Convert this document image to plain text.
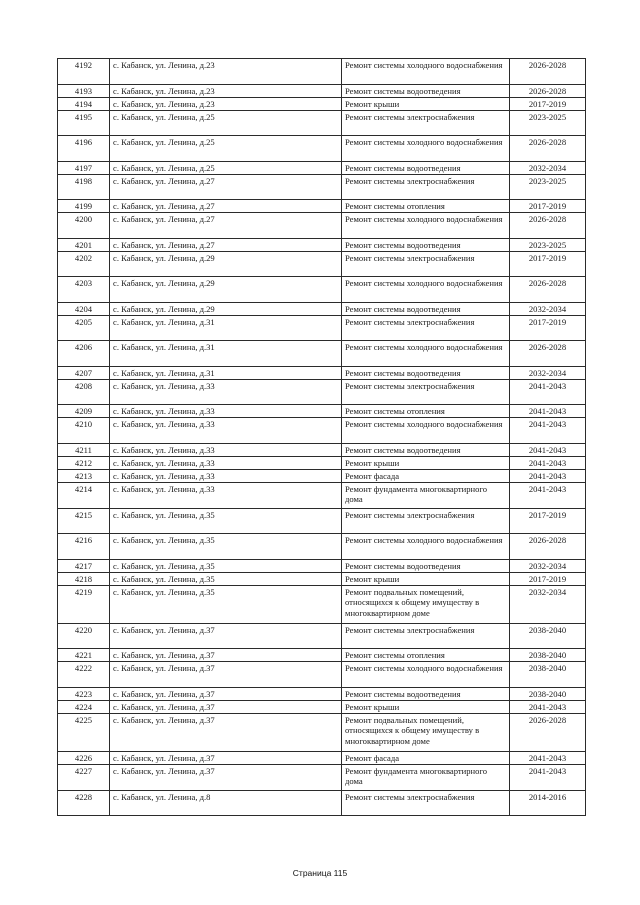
4192	с. Кабанск, ул. Ленина, д.23	Ремонт системы холодного водоснабжения	2026-2028
4193	с. Кабанск, ул. Ленина, д.23	Ремонт системы водоотведения	2026-2028
4194	с. Кабанск, ул. Ленина, д.23	Ремонт крыши	2017-2019
4195	с. Кабанск, ул. Ленина, д.25	Ремонт системы электроснабжения	2023-2025
4196	с. Кабанск, ул. Ленина, д.25	Ремонт системы холодного водоснабжения	2026-2028
4197	с. Кабанск, ул. Ленина, д.25	Ремонт системы водоотведения	2032-2034
4198	с. Кабанск, ул. Ленина, д.27	Ремонт системы электроснабжения	2023-2025
4199	с. Кабанск, ул. Ленина, д.27	Ремонт системы отопления	2017-2019
4200	с. Кабанск, ул. Ленина, д.27	Ремонт системы холодного водоснабжения	2026-2028
4201	с. Кабанск, ул. Ленина, д.27	Ремонт системы водоотведения	2023-2025
4202	с. Кабанск, ул. Ленина, д.29	Ремонт системы электроснабжения	2017-2019
4203	с. Кабанск, ул. Ленина, д.29	Ремонт системы холодного водоснабжения	2026-2028
4204	с. Кабанск, ул. Ленина, д.29	Ремонт системы водоотведения	2032-2034
4205	с. Кабанск, ул. Ленина, д.31	Ремонт системы электроснабжения	2017-2019
4206	с. Кабанск, ул. Ленина, д.31	Ремонт системы холодного водоснабжения	2026-2028
4207	с. Кабанск, ул. Ленина, д.31	Ремонт системы водоотведения	2032-2034
4208	с. Кабанск, ул. Ленина, д.33	Ремонт системы электроснабжения	2041-2043
4209	с. Кабанск, ул. Ленина, д.33	Ремонт системы отопления	2041-2043
4210	с. Кабанск, ул. Ленина, д.33	Ремонт системы холодного водоснабжения	2041-2043
4211	с. Кабанск, ул. Ленина, д.33	Ремонт системы водоотведения	2041-2043
4212	с. Кабанск, ул. Ленина, д.33	Ремонт крыши	2041-2043
4213	с. Кабанск, ул. Ленина, д.33	Ремонт фасада	2041-2043
4214	с. Кабанск, ул. Ленина, д.33	Ремонт фундамента многоквартирного дома	2041-2043
4215	с. Кабанск, ул. Ленина, д.35	Ремонт системы электроснабжения	2017-2019
4216	с. Кабанск, ул. Ленина, д.35	Ремонт системы холодного водоснабжения	2026-2028
4217	с. Кабанск, ул. Ленина, д.35	Ремонт системы водоотведения	2032-2034
4218	с. Кабанск, ул. Ленина, д.35	Ремонт крыши	2017-2019
4219	с. Кабанск, ул. Ленина, д.35	Ремонт подвальных помещений, относящихся к общему имуществу в многоквартирном доме	2032-2034
4220	с. Кабанск, ул. Ленина, д.37	Ремонт системы электроснабжения	2038-2040
4221	с. Кабанск, ул. Ленина, д.37	Ремонт системы отопления	2038-2040
4222	с. Кабанск, ул. Ленина, д.37	Ремонт системы холодного водоснабжения	2038-2040
4223	с. Кабанск, ул. Ленина, д.37	Ремонт системы водоотведения	2038-2040
4224	с. Кабанск, ул. Ленина, д.37	Ремонт крыши	2041-2043
4225	с. Кабанск, ул. Ленина, д.37	Ремонт подвальных помещений, относящихся к общему имуществу в многоквартирном доме	2026-2028
4226	с. Кабанск, ул. Ленина, д.37	Ремонт фасада	2041-2043
4227	с. Кабанск, ул. Ленина, д.37	Ремонт фундамента многоквартирного дома	2041-2043
4228	с. Кабанск, ул. Ленина, д.8	Ремонт системы электроснабжения	2014-2016
Страница 115
